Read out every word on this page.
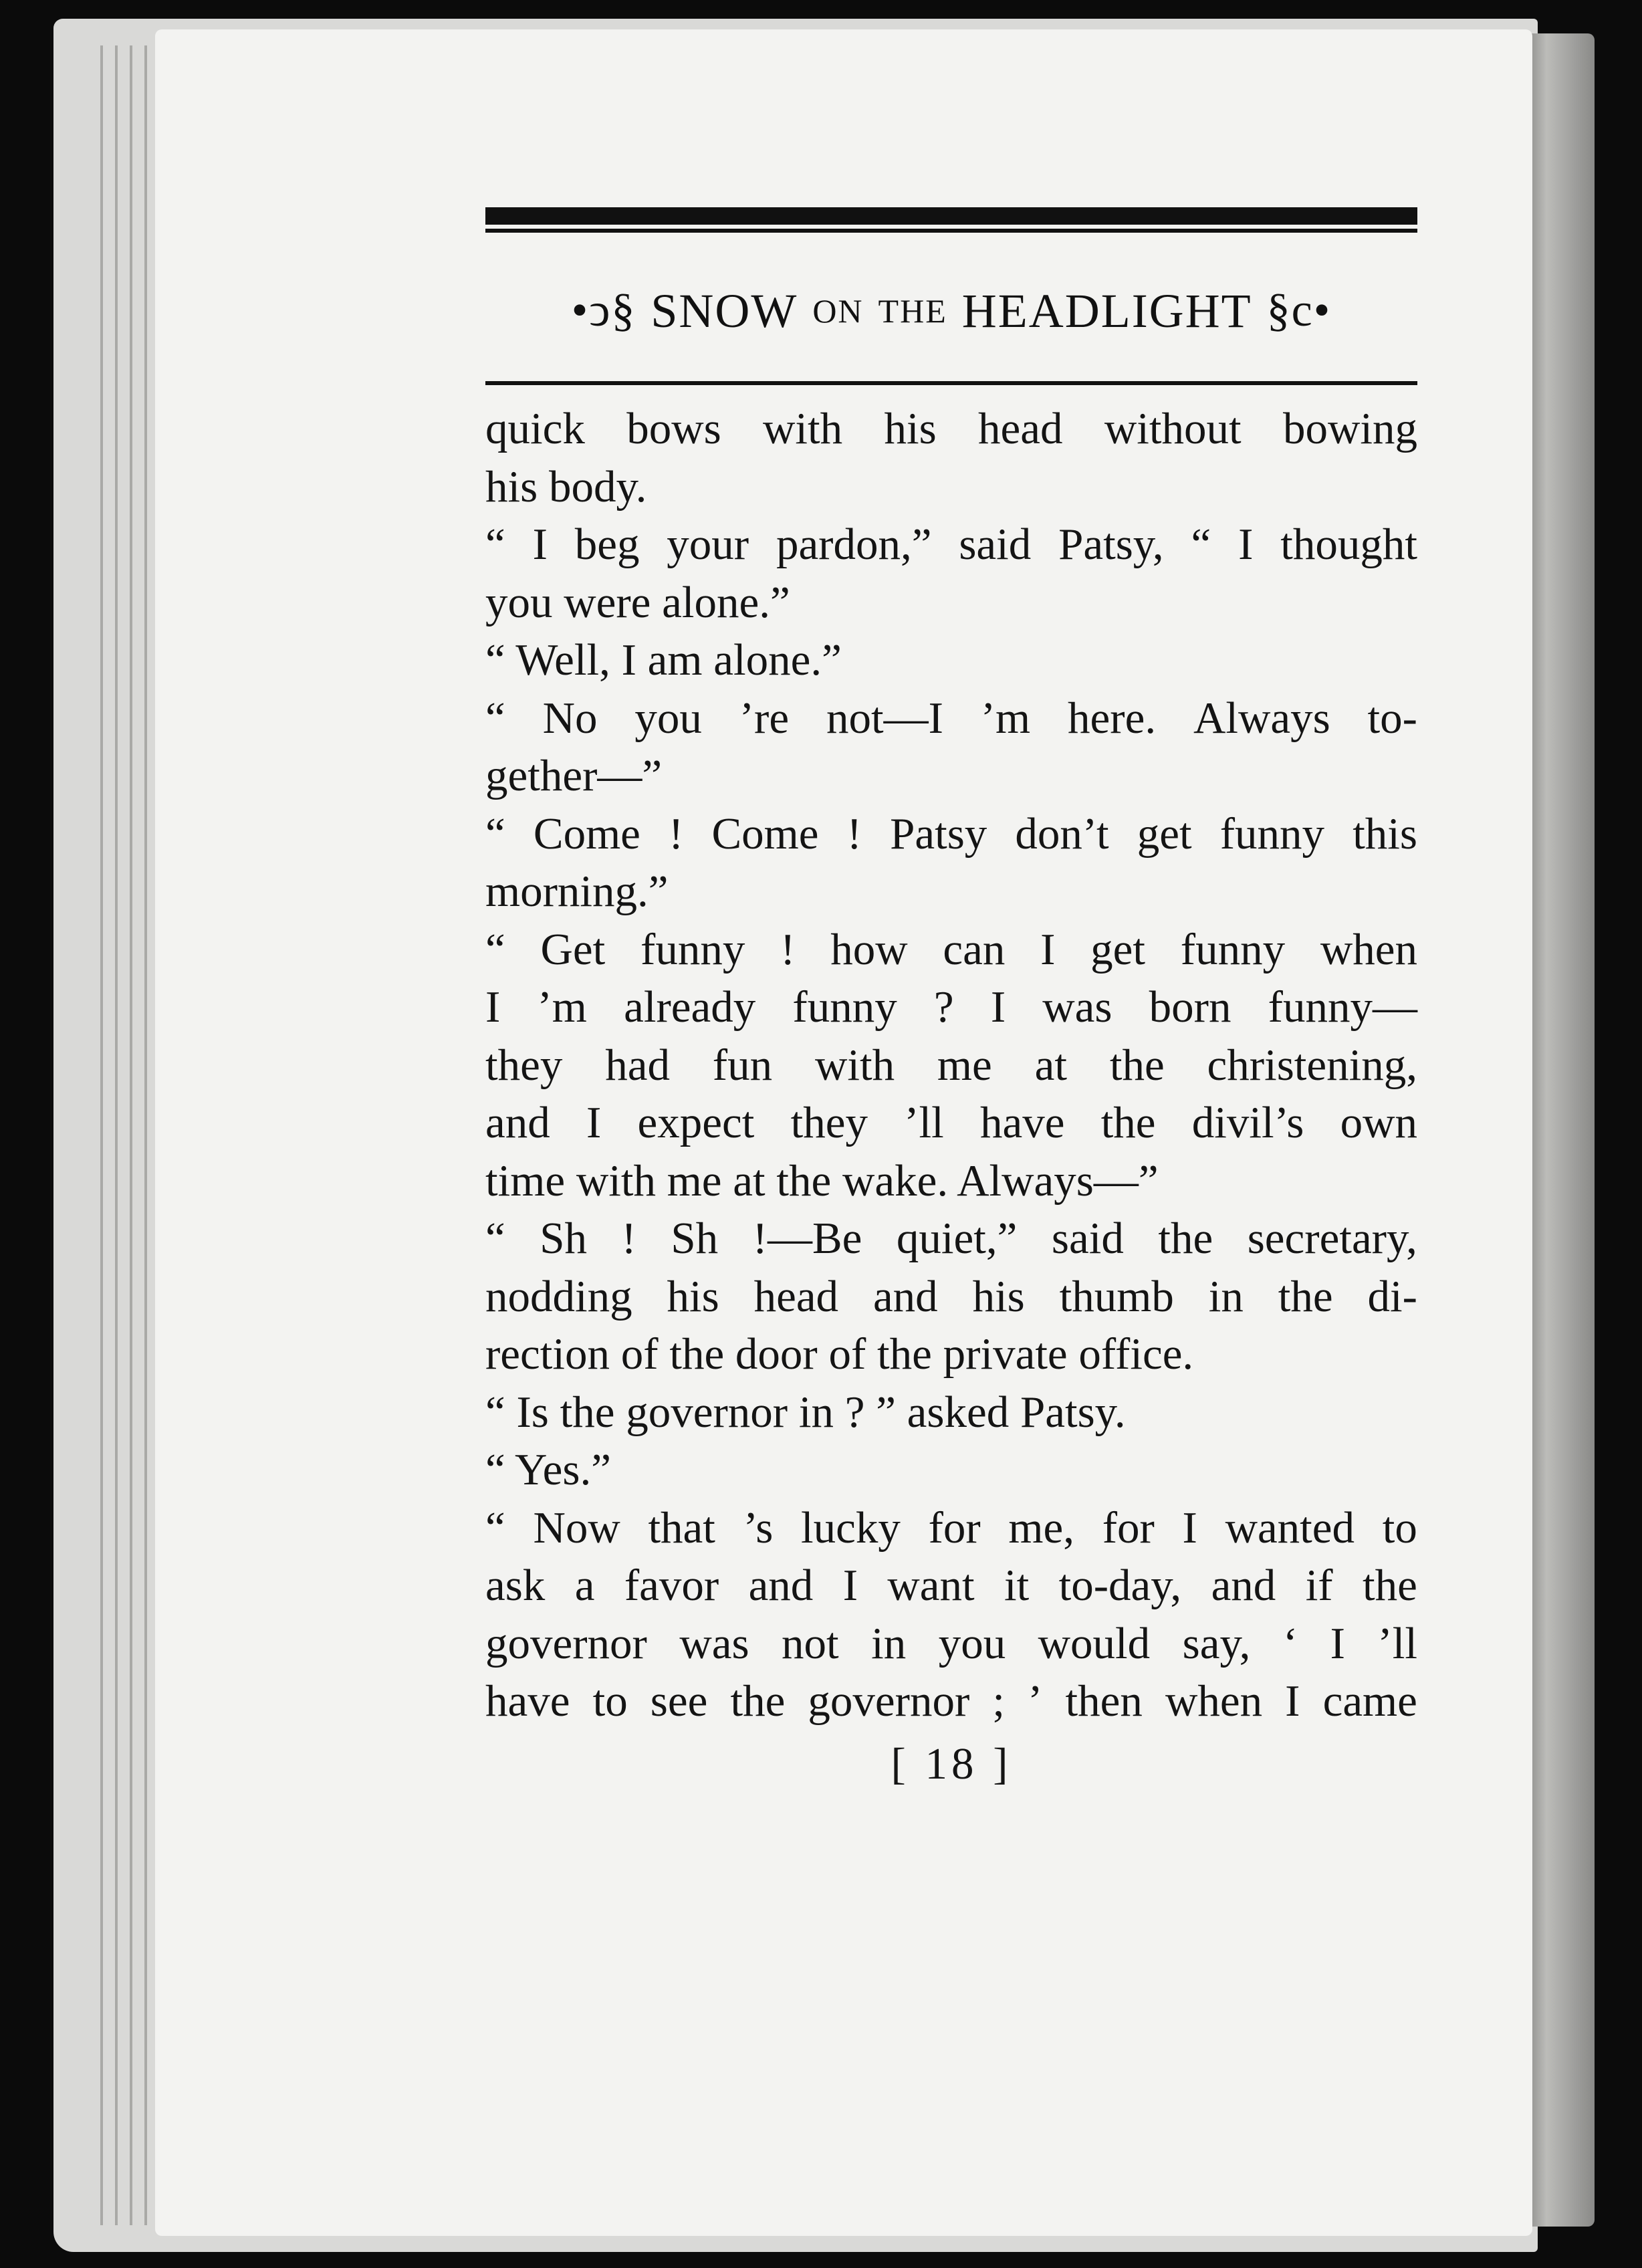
•ↄ§ SNOW ON THE HEADLIGHT §c•
quick bows with his head without bowing
his body.
“ I beg your pardon,” said Patsy, “ I thought
you were alone.”
“ Well, I am alone.”
“ No you ’re not—I ’m here. Always to-
gether—”
“ Come ! Come ! Patsy don’t get funny this
morning.”
“ Get funny ! how can I get funny when
I ’m already funny ? I was born funny—
they had fun with me at the christening,
and I expect they ’ll have the divil’s own
time with me at the wake. Always—”
“ Sh ! Sh !—Be quiet,” said the secretary,
nodding his head and his thumb in the di-
rection of the door of the private office.
“ Is the governor in ? ” asked Patsy.
“ Yes.”
“ Now that ’s lucky for me, for I wanted to
ask a favor and I want it to-day, and if the
governor was not in you would say, ‘ I ’ll
have to see the governor ; ’ then when I came
[ 18 ]
